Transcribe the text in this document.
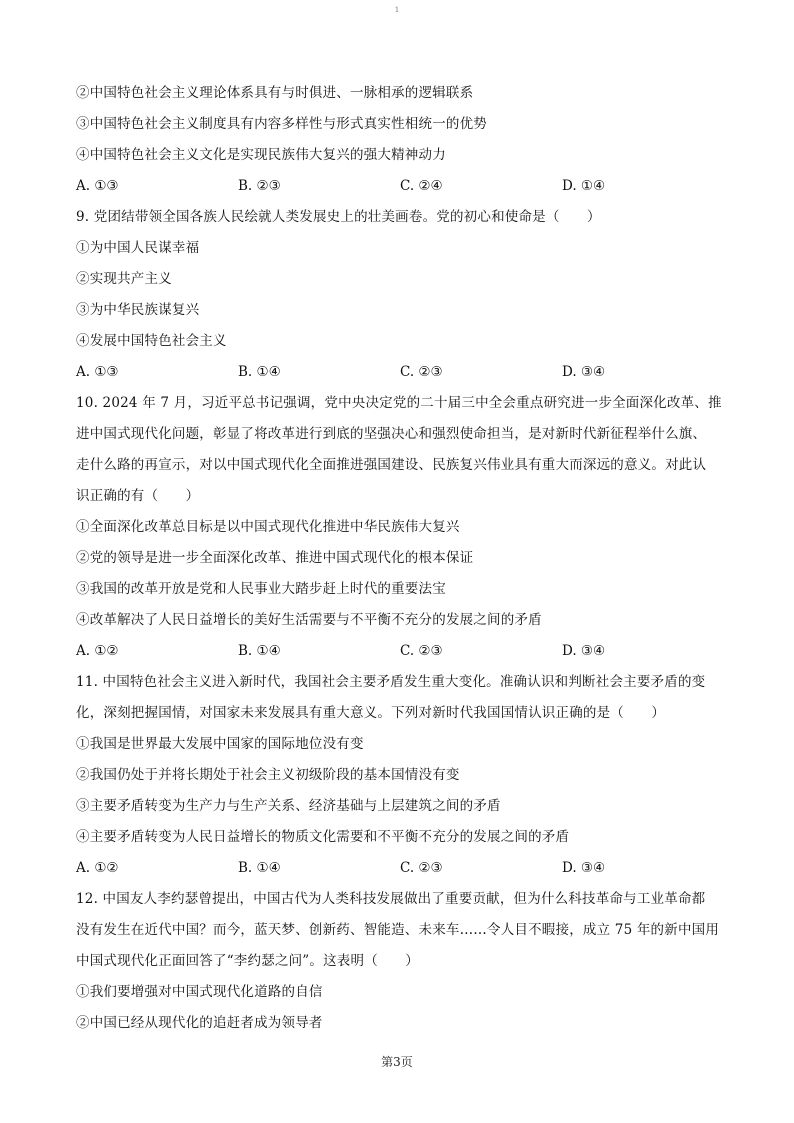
1
②中国特色社会主义理论体系具有与时俱进、一脉相承的逻辑联系
③中国特色社会主义制度具有内容多样性与形式真实性相统一的优势
④中国特色社会主义文化是实现民族伟大复兴的强大精神动力
A. ①③	B. ②③	C. ②④	D. ①④
9. 党团结带领全国各族人民绘就人类发展史上的壮美画卷。党的初心和使命是（　　）
①为中国人民谋幸福
②实现共产主义
③为中华民族谋复兴
④发展中国特色社会主义
A. ①③	B. ①④	C. ②③	D. ③④
10. 2024 年 7 月，习近平总书记强调，党中央决定党的二十届三中全会重点研究进一步全面深化改革、推
进中国式现代化问题，彰显了将改革进行到底的坚强决心和强烈使命担当，是对新时代新征程举什么旗、
走什么路的再宣示，对以中国式现代化全面推进强国建设、民族复兴伟业具有重大而深远的意义。对此认
识正确的有（　　）
①全面深化改革总目标是以中国式现代化推进中华民族伟大复兴
②党的领导是进一步全面深化改革、推进中国式现代化的根本保证
③我国的改革开放是党和人民事业大踏步赶上时代的重要法宝
④改革解决了人民日益增长的美好生活需要与不平衡不充分的发展之间的矛盾
A. ①②	B. ①④	C. ②③	D. ③④
11. 中国特色社会主义进入新时代，我国社会主要矛盾发生重大变化。准确认识和判断社会主要矛盾的变
化，深刻把握国情，对国家未来发展具有重大意义。下列对新时代我国国情认识正确的是（　　）
①我国是世界最大发展中国家的国际地位没有变
②我国仍处于并将长期处于社会主义初级阶段的基本国情没有变
③主要矛盾转变为生产力与生产关系、经济基础与上层建筑之间的矛盾
④主要矛盾转变为人民日益增长的物质文化需要和不平衡不充分的发展之间的矛盾
A. ①②	B. ①④	C. ②③	D. ③④
12. 中国友人李约瑟曾提出，中国古代为人类科技发展做出了重要贡献，但为什么科技革命与工业革命都
没有发生在近代中国？而今，蓝天梦、创新药、智能造、未来车……令人目不暇接，成立 75 年的新中国用
中国式现代化正面回答了“李约瑟之问”。这表明（　　）
①我们要增强对中国式现代化道路的自信
②中国已经从现代化的追赶者成为领导者
第3页
